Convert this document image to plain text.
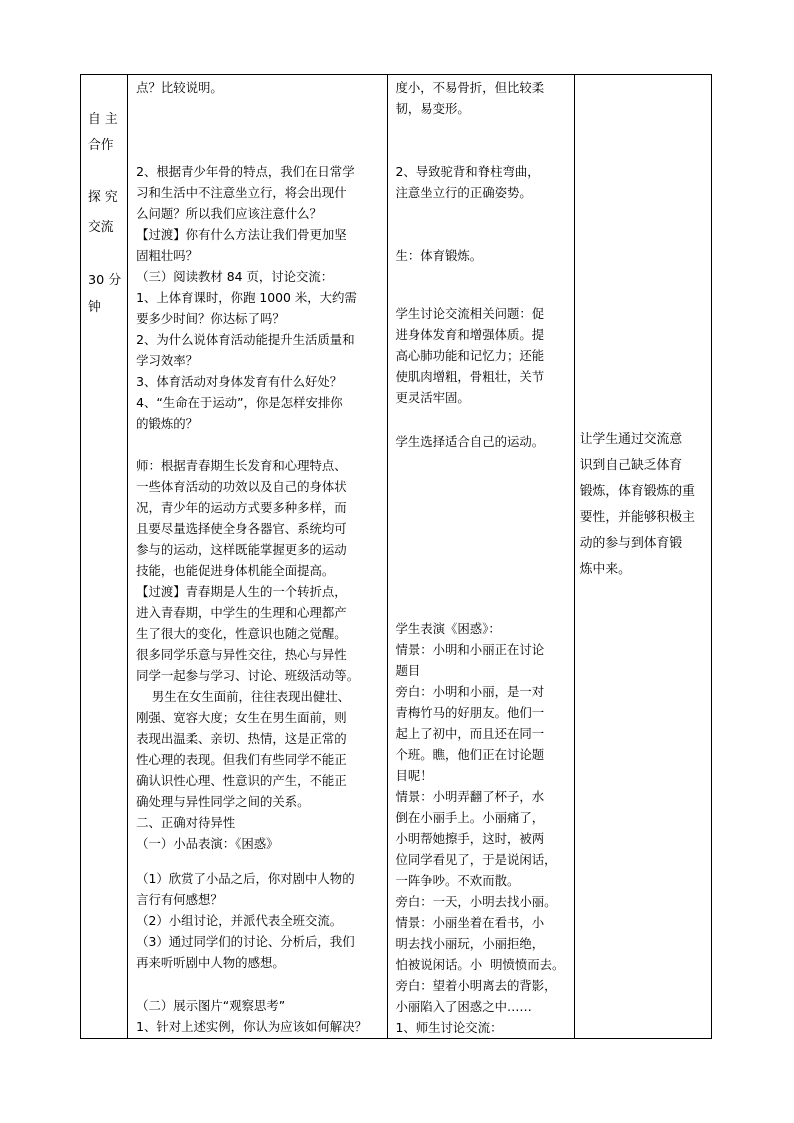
自 主
合作
探 究
交流
30 分
钟

点？比较说明。
2、根据青少年骨的特点，我们在日常学
习和生活中不注意坐立行，将会出现什
么问题？所以我们应该注意什么？
【过渡】你有什么方法让我们骨更加坚
固粗壮吗？
（三）阅读教材 84 页，讨论交流：
1、上体育课时，你跑 1000 米，大约需
要多少时间？你达标了吗？
2、为什么说体育活动能提升生活质量和
学习效率？
3、体育活动对身体发育有什么好处？
4、“生命在于运动”，你是怎样安排你
的锻炼的？
师：根据青春期生长发育和心理特点、
一些体育活动的功效以及自己的身体状
况，青少年的运动方式要多种多样，而
且要尽量选择使全身各器官、系统均可
参与的运动，这样既能掌握更多的运动
技能，也能促进身体机能全面提高。
【过渡】青春期是人生的一个转折点，
进入青春期，中学生的生理和心理都产
生了很大的变化，性意识也随之觉醒。
很多同学乐意与异性交往，热心与异性
同学一起参与学习、讨论、班级活动等。
男生在女生面前，往往表现出健壮、
刚强、宽容大度；女生在男生面前，则
表现出温柔、亲切、热情，这是正常的
性心理的表现。但我们有些同学不能正
确认识性心理、性意识的产生，不能正
确处理与异性同学之间的关系。
二、正确对待异性
（一）小品表演：《困惑》
（1）欣赏了小品之后，你对剧中人物的
言行有何感想？
（2）小组讨论，并派代表全班交流。
（3）通过同学们的讨论、分析后，我们
再来听听剧中人物的感想。
（二）展示图片“观察思考”
1、针对上述实例，你认为应该如何解决？

度小，不易骨折，但比较柔
韧，易变形。
2、导致驼背和脊柱弯曲，
注意坐立行的正确姿势。
生：体育锻炼。
学生讨论交流相关问题：促
进身体发育和增强体质。提
高心肺功能和记忆力；还能
使肌肉增粗，骨粗壮，关节
更灵活牢固。
学生选择适合自己的运动。
学生表演《困惑》：
情景：小明和小丽正在讨论
题目
旁白：小明和小丽，是一对
青梅竹马的好朋友。他们一
起上了初中，而且还在同一
个班。瞧，他们正在讨论题
目呢！
情景：小明弄翻了杯子，水
倒在小丽手上。小丽痛了，
小明帮她擦手，这时，被两
位同学看见了，于是说闲话，
一阵争吵。不欢而散。
旁白：一天，小明去找小丽。
情景：小丽坐着在看书，小
明去找小丽玩，小丽拒绝，
怕被说闲话。小  明愤愤而去。
旁白：望着小明离去的背影，
小丽陷入了困惑之中……
1、师生讨论交流：

让学生通过交流意
识到自己缺乏体育
锻炼，体育锻炼的重
要性，并能够积极主
动的参与到体育锻
炼中来。
